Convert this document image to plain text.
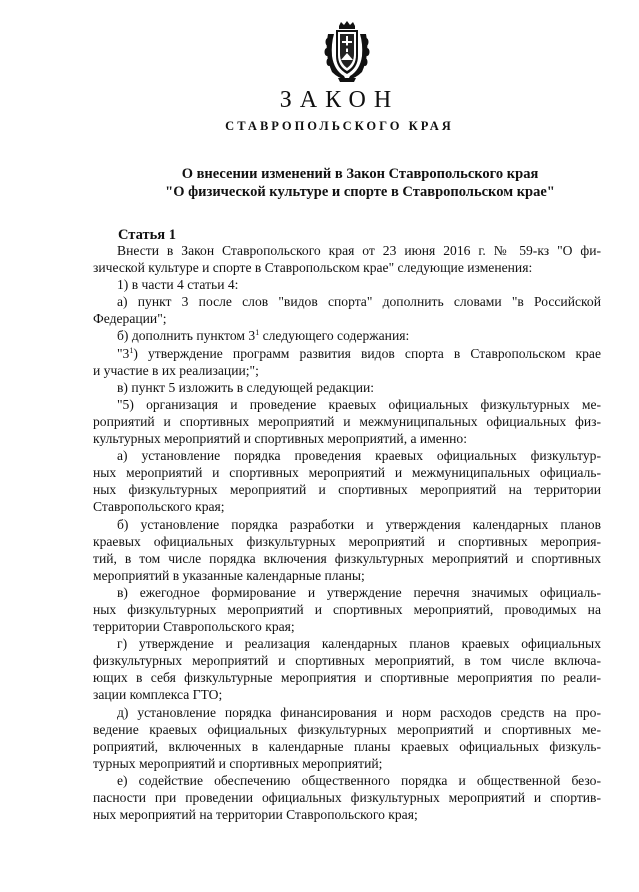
ЗАКОН
СТАВРОПОЛЬСКОГО КРАЯ
О внесении изменений в Закон Ставропольского края
"О физической культуре и спорте в Ставропольском крае"
Статья 1

Внести в Закон Ставропольского края от 23 июня 2016 г. № 59-кз "О фи-
зической культуре и спорте в Ставропольском крае" следующие изменения:

1) в части 4 статьи 4:

а) пункт 3 после слов "видов спорта" дополнить словами "в Российской
Федерации";

б) дополнить пунктом $3^1$ следующего содержания:

"$3^1$) утверждение программ развития видов спорта в Ставропольском крае
и участие в их реализации;";

в) пункт 5 изложить в следующей редакции:

"5) организация и проведение краевых официальных физкультурных ме-
роприятий и спортивных мероприятий и межмуниципальных официальных физ-
культурных мероприятий и спортивных мероприятий, а именно:

а) установление порядка проведения краевых официальных физкультур-
ных мероприятий и спортивных мероприятий и межмуниципальных официаль-
ных физкультурных мероприятий и спортивных мероприятий на территории
Ставропольского края;

б) установление порядка разработки и утверждения календарных планов
краевых официальных физкультурных мероприятий и спортивных мероприя-
тий, в том числе порядка включения физкультурных мероприятий и спортивных
мероприятий в указанные календарные планы;

в) ежегодное формирование и утверждение перечня значимых официаль-
ных физкультурных мероприятий и спортивных мероприятий, проводимых на
территории Ставропольского края;

г) утверждение и реализация календарных планов краевых официальных
физкультурных мероприятий и спортивных мероприятий, в том числе включа-
ющих в себя физкультурные мероприятия и спортивные мероприятия по реали-
зации комплекса ГТО;

д) установление порядка финансирования и норм расходов средств на про-
ведение краевых официальных физкультурных мероприятий и спортивных ме-
роприятий, включенных в календарные планы краевых официальных физкуль-
турных мероприятий и спортивных мероприятий;

е) содействие обеспечению общественного порядка и общественной безо-
пасности при проведении официальных физкультурных мероприятий и спортив-
ных мероприятий на территории Ставропольского края;
